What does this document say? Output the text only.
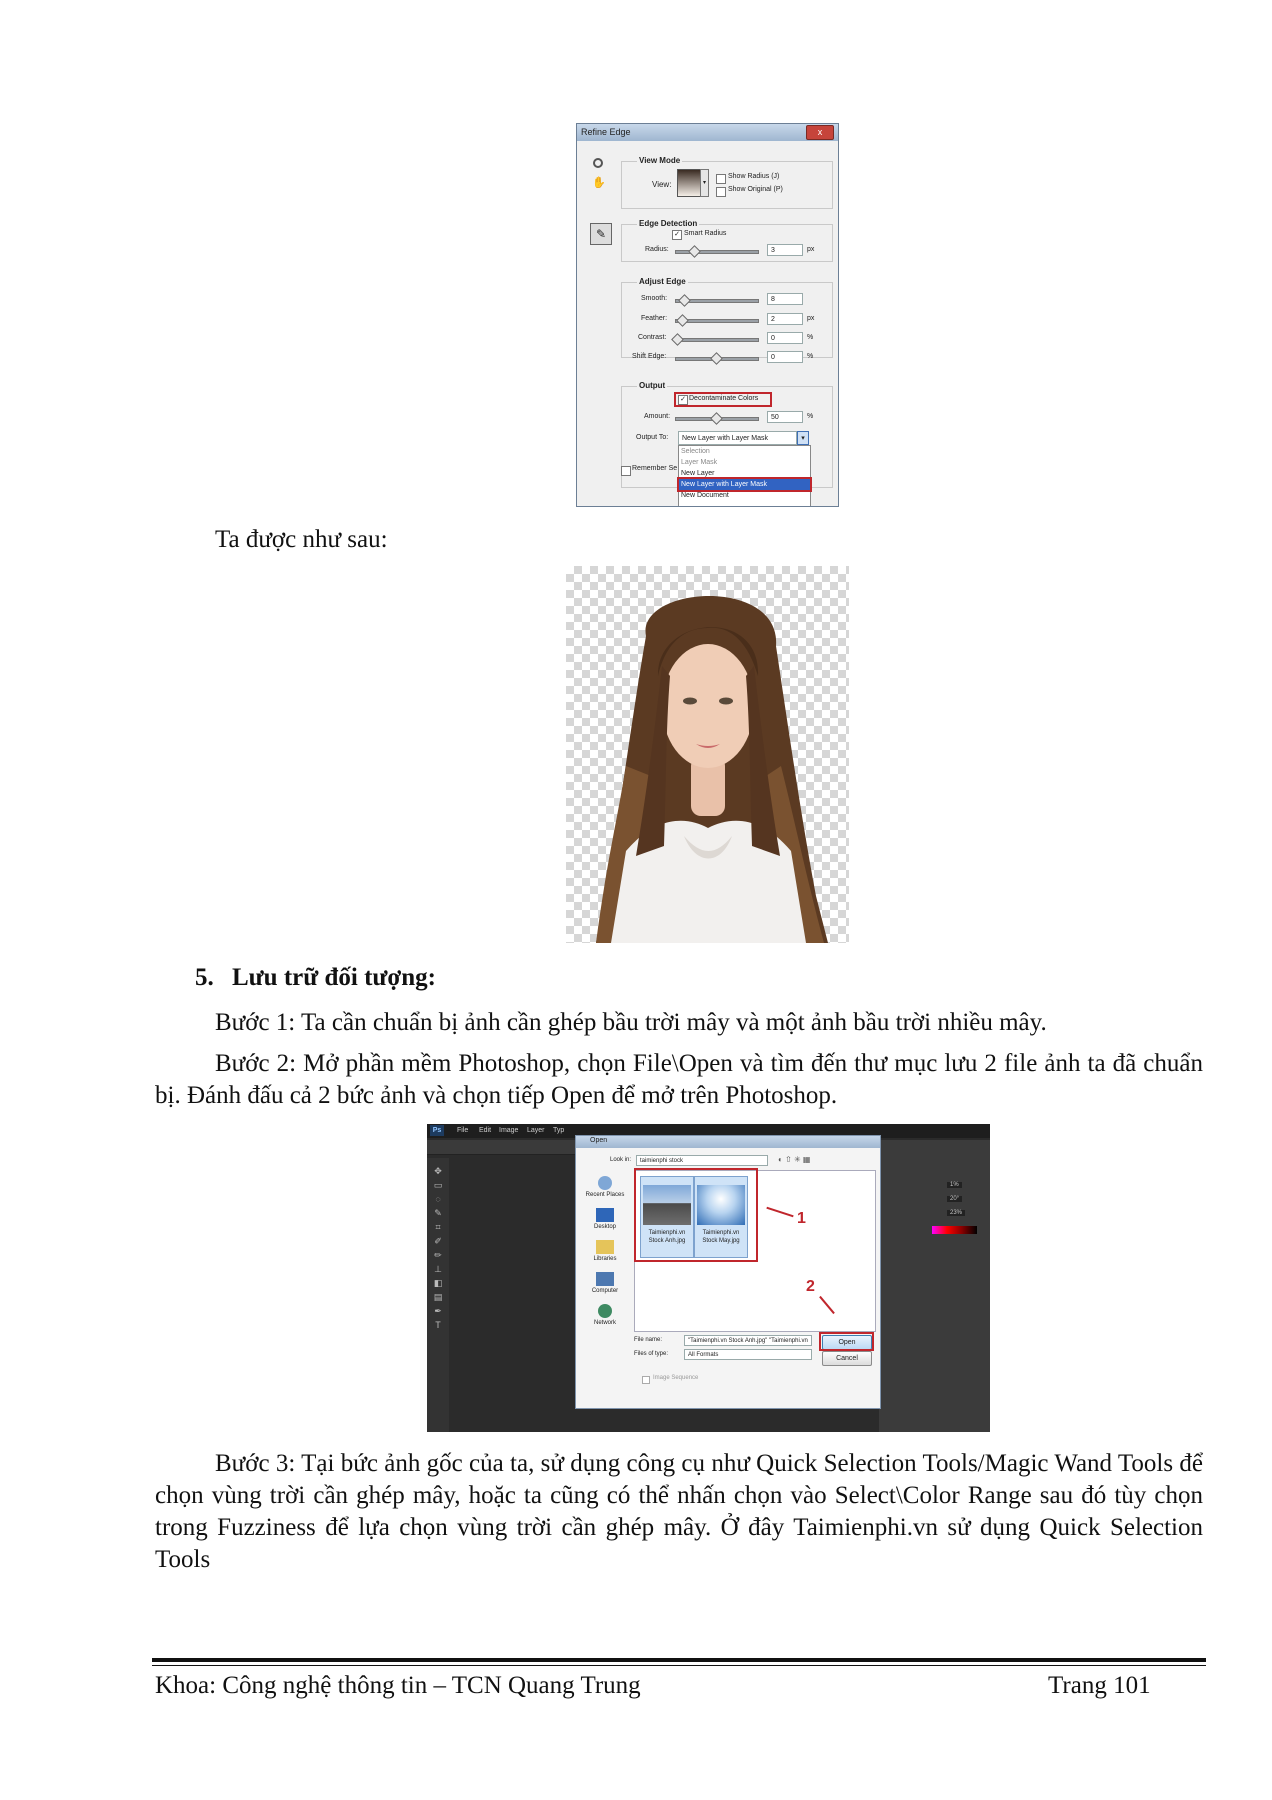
Refine Edge	x
✋
✎
View Mode
View:	▾
Show Radius (J)
Show Original (P)
Edge Detection
✓ Smart Radius
Radius:	3	px
Adjust Edge
Smooth:	8
Feather:	2	px
Contrast:	0	%
Shift Edge:	0	%
Output
✓ Decontaminate Colors
Amount:	50	%
Output To:	New Layer with Layer Mask	▾
Selection
Layer Mask
New Layer
New Layer with Layer Mask
New Document
Remember Se
Ta được như sau:
5. Lưu trữ đối tượng:
Bước 1: Ta cần chuẩn bị ảnh cần ghép bầu trời mây và một ảnh bầu trời nhiều mây.
Bước 2: Mở phần mềm Photoshop, chọn File\Open và tìm đến thư mục lưu 2 file ảnh ta đã chuẩn bị. Đánh đấu cả 2 bức ảnh và chọn tiếp Open để mở trên Photoshop.
Ps	File Edit Image Layer Typ
✥
▭
◌
✎
⌗
✐
✏
⊥
◧
▤
✒
T
1%
20°
23%
Open
Look in:	taimienphi stock	◐ ⇧ ✳ ▦
Recent Places
Desktop
Libraries
Computer
Network
Taimienphi.vn Stock Anh.jpg
Taimienphi.vn Stock May.jpg
1
2
File name:	"Taimienphi.vn Stock Anh.jpg" "Taimienphi.vn
Files of type:	All Formats
Open
Cancel
Image Sequence
Bước 3: Tại bức ảnh gốc của ta, sử dụng công cụ như Quick Selection Tools/Magic Wand Tools để chọn vùng trời cần ghép mây, hoặc ta cũng có thể nhấn chọn vào Select\Color Range sau đó tùy chọn trong Fuzziness để lựa chọn vùng trời cần ghép mây. Ở đây Taimienphi.vn sử dụng Quick Selection Tools
Khoa: Công nghệ thông tin – TCN Quang Trung	Trang 101
